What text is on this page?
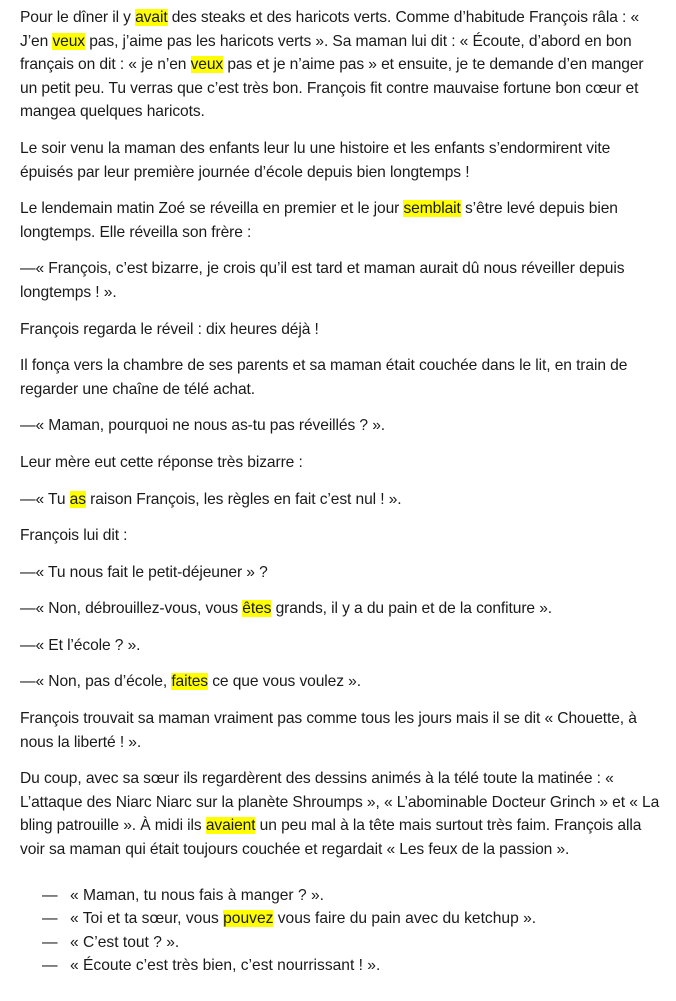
Pour le dîner il y avait des steaks et des haricots verts. Comme d’habitude François râla : « J’en veux pas, j’aime pas les haricots verts ». Sa maman lui dit : « Écoute, d’abord en bon français on dit : « je n’en veux pas et je n’aime pas » et ensuite, je te demande d’en manger un petit peu. Tu verras que c’est très bon. François fit contre mauvaise fortune bon cœur et mangea quelques haricots.

Le soir venu la maman des enfants leur lu une histoire et les enfants s’endormirent vite épuisés par leur première journée d’école depuis bien longtemps !

Le lendemain matin Zoé se réveilla en premier et le jour semblait s’être levé depuis bien longtemps. Elle réveilla son frère :

—« François, c’est bizarre, je crois qu’il est tard et maman aurait dû nous réveiller depuis longtemps ! ».

François regarda le réveil : dix heures déjà !

Il fonça vers la chambre de ses parents et sa maman était couchée dans le lit, en train de regarder une chaîne de télé achat.

—« Maman, pourquoi ne nous as-tu pas réveillés ? ».

Leur mère eut cette réponse très bizarre :

—« Tu as raison François, les règles en fait c’est nul ! ».

François lui dit :

—« Tu nous fait le petit-déjeuner » ?

—« Non, débrouillez-vous, vous êtes grands, il y a du pain et de la confiture ».

—« Et l’école ? ».

—« Non, pas d’école, faites ce que vous voulez ».

François trouvait sa maman vraiment pas comme tous les jours mais il se dit « Chouette, à nous la liberté ! ».

Du coup, avec sa sœur ils regardèrent des dessins animés à la télé toute la matinée : « L’attaque des Niarc Niarc sur la planète Shroumps », « L’abominable Docteur Grinch » et « La bling patrouille ». À midi ils avaient un peu mal à la tête mais surtout très faim. François alla voir sa maman qui était toujours couchée et regardait « Les feux de la passion ».

— « Maman, tu nous fais à manger ? ».
— « Toi et ta sœur, vous pouvez vous faire du pain avec du ketchup ».
— « C’est tout ? ».
— « Écoute c’est très bien, c’est nourrissant ! ».
